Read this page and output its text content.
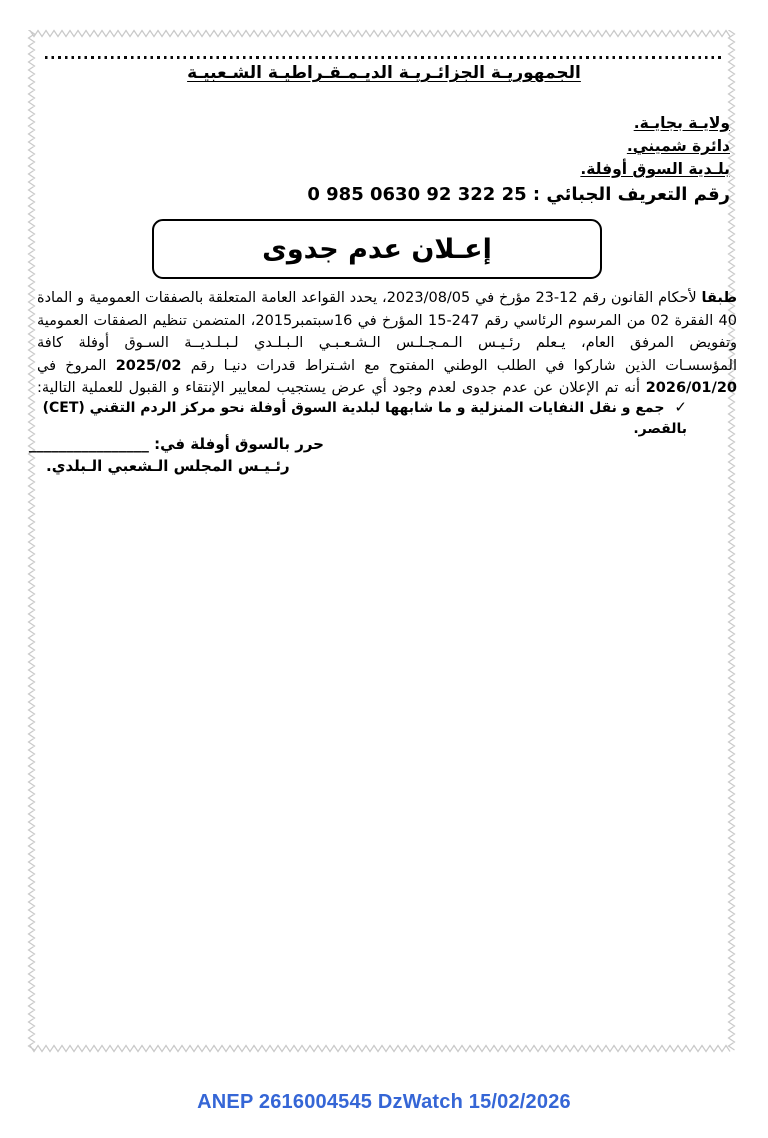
الجمهوريـة الجزائـريـة الديـمـقـراطيـة الشـعبيـة
ولايـة بجايـة.
دائرة شميني.
بلـدية السوق أوفلة.
رقم التعريف الجبائي : 25 322 92 0630 985 0
إعـلان عدم جدوى
طبقا لأحكام القانون رقم 12-23 مؤرخ في 2023/08/05، يحدد القواعد العامة المتعلقة بالصفقات العمومية و المادة
40 الفقرة 02 من المرسوم الرئاسي رقم 247-15 المؤرخ في 16سبتمبر2015، المتضمن تنظيم الصفقات العمومية
وتفويض المرفق العام، يـعلم رئـيـس الـمـجـلـس الـشـعـبـي الـبـلـدي لـبـلـديــة السـوق أوفلة كافة
المؤسسـات الذين شاركوا في الطلب الوطني المفتوح مع اشـتراط قدرات دنيـا رقم 2025/02 المروخ في
2026/01/20 أنه تم الإعلان عن عدم جدوى لعدم وجود أي عرض يستجيب لمعايير الإنتقاء و القبول للعملية التالية:
✓جمع و نقل النفايات المنزلية و ما شابهها لبلدية السوق أوفلة نحو مركز الردم التقني (CET) بالقصر.
حرر بالسوق أوفلة في: ________________
رئـيـس المجلس الـشعبي الـبلدي.
ANEP 2616004545 DzWatch 15/02/2026
